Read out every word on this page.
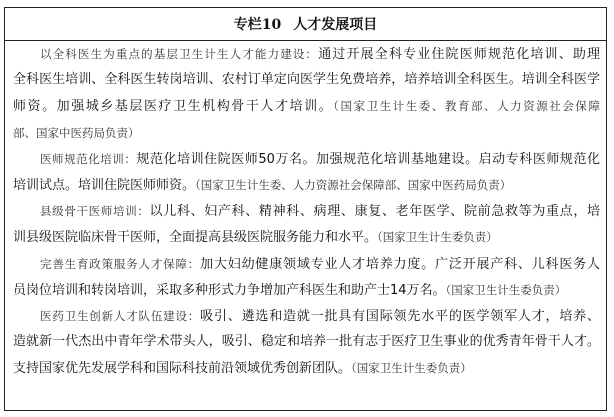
专栏10 人才发展项目
以全科医生为重点的基层卫生计生人才能力建设：通过开展全科专业住院医师规范化培训、助理
全科医生培训、全科医生转岗培训、农村订单定向医学生免费培养，培养培训全科医生。培训全科医学
师资。加强城乡基层医疗卫生机构骨干人才培训。（国家卫生计生委、教育部、人力资源社会保障
部、国家中医药局负责）
医师规范化培训：规范化培训住院医师50万名。加强规范化培训基地建设。启动专科医师规范化
培训试点。培训住院医师师资。（国家卫生计生委、人力资源社会保障部、国家中医药局负责）
县级骨干医师培训：以儿科、妇产科、精神科、病理、康复、老年医学、院前急救等为重点，培
训县级医院临床骨干医师，全面提高县级医院服务能力和水平。（国家卫生计生委负责）
完善生育政策服务人才保障：加大妇幼健康领域专业人才培养力度。广泛开展产科、儿科医务人
员岗位培训和转岗培训，采取多种形式力争增加产科医生和助产士14万名。（国家卫生计生委负责）
医药卫生创新人才队伍建设：吸引、遴选和造就一批具有国际领先水平的医学领军人才，培养、
造就新一代杰出中青年学术带头人，吸引、稳定和培养一批有志于医疗卫生事业的优秀青年骨干人才。
支持国家优先发展学科和国际科技前沿领域优秀创新团队。（国家卫生计生委负责）
